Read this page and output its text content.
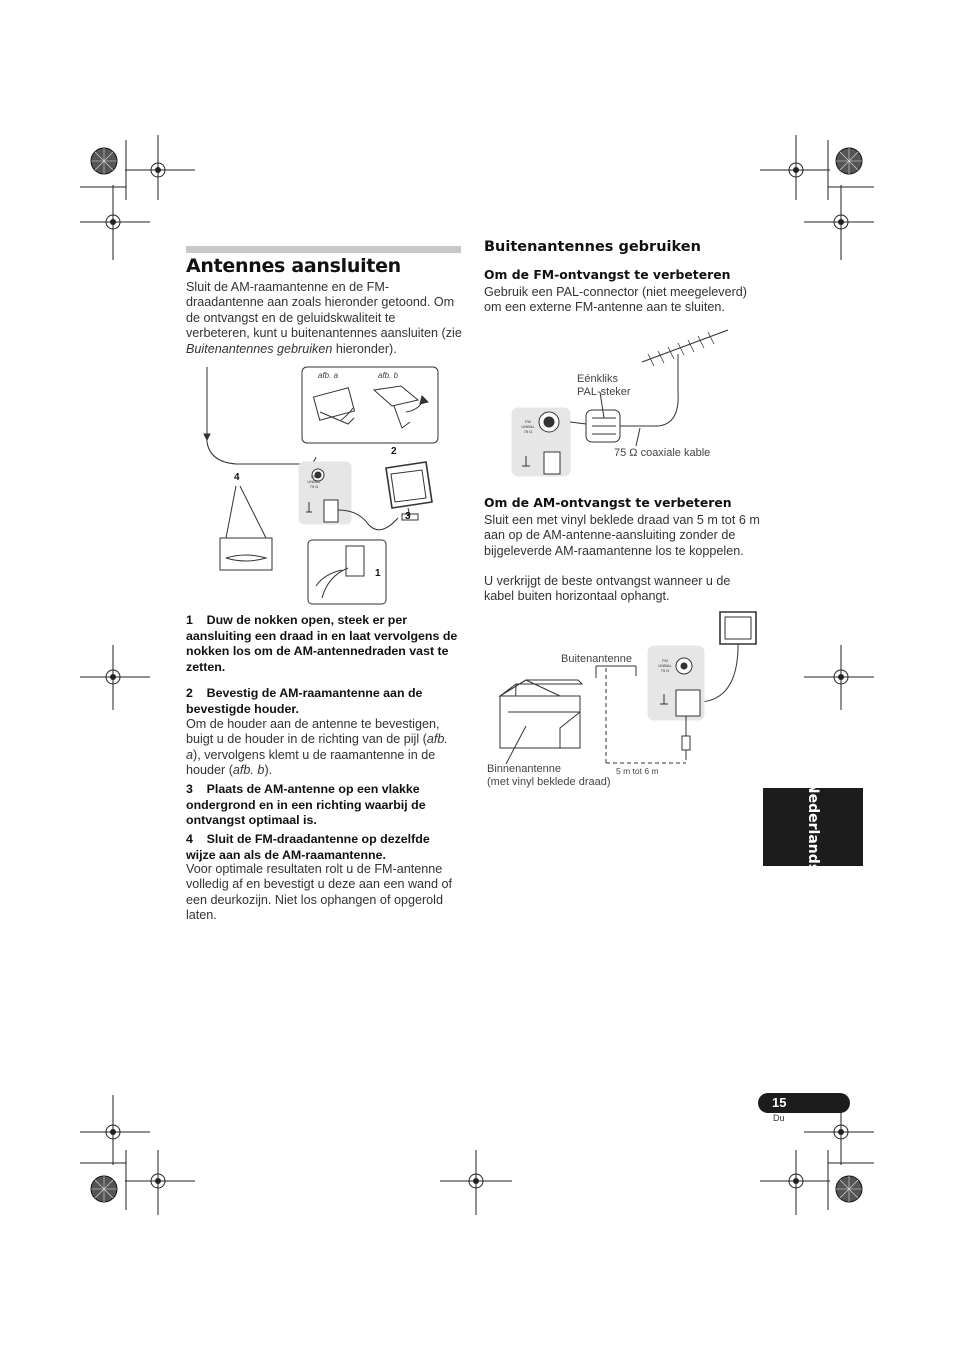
Antennes aansluiten

Sluit de AM-raamantenne en de FM-draadantenne aan zoals hieronder getoond. Om de ontvangst en de geluidskwaliteit te verbeteren, kunt u buitenantennes aansluiten (zie Buitenantennes gebruiken hieronder).

afb. a	afb. b
2
3
4
1
FM
UNBAL
75 Ω

1    Duw de nokken open, steek er per aansluiting een draad in en laat vervolgens de nokken los om de AM-antennedraden vast te zetten.

2    Bevestig de AM-raamantenne aan de bevestigde houder.

Om de houder aan de antenne te bevestigen, buigt u de houder in de richting van de pijl (afb. a), vervolgens klemt u de raamantenne in de houder (afb. b).

3    Plaats de AM-antenne op een vlakke ondergrond en in een richting waarbij de ontvangst optimaal is.

4    Sluit de FM-draadantenne op dezelfde wijze aan als de AM-raamantenne.

Voor optimale resultaten rolt u de FM-antenne volledig af en bevestigt u deze aan een wand of een deurkozijn. Niet los ophangen of opgerold laten.

Buitenantennes gebruiken
Om de FM-ontvangst te verbeteren

Gebruik een PAL-connector (niet meegeleverd) om een externe FM-antenne aan te sluiten.

FM
UNBAL
75 Ω
Eénkliks
PAL-steker
75 Ω coaxiale kable
Om de AM-ontvangst te verbeteren

Sluit een met vinyl beklede draad van 5 m tot 6 m aan op de AM-antenne-aansluiting zonder de bijgeleverde AM-raamantenne los te koppelen.

U verkrijgt de beste ontvangst wanneer u de kabel buiten horizontaal ophangt.

Buitenantenne
Binnenantenne
(met vinyl beklede draad)
5 m tot 6 m
FM
UNBAL
75 Ω
Nederlands
15
Du
